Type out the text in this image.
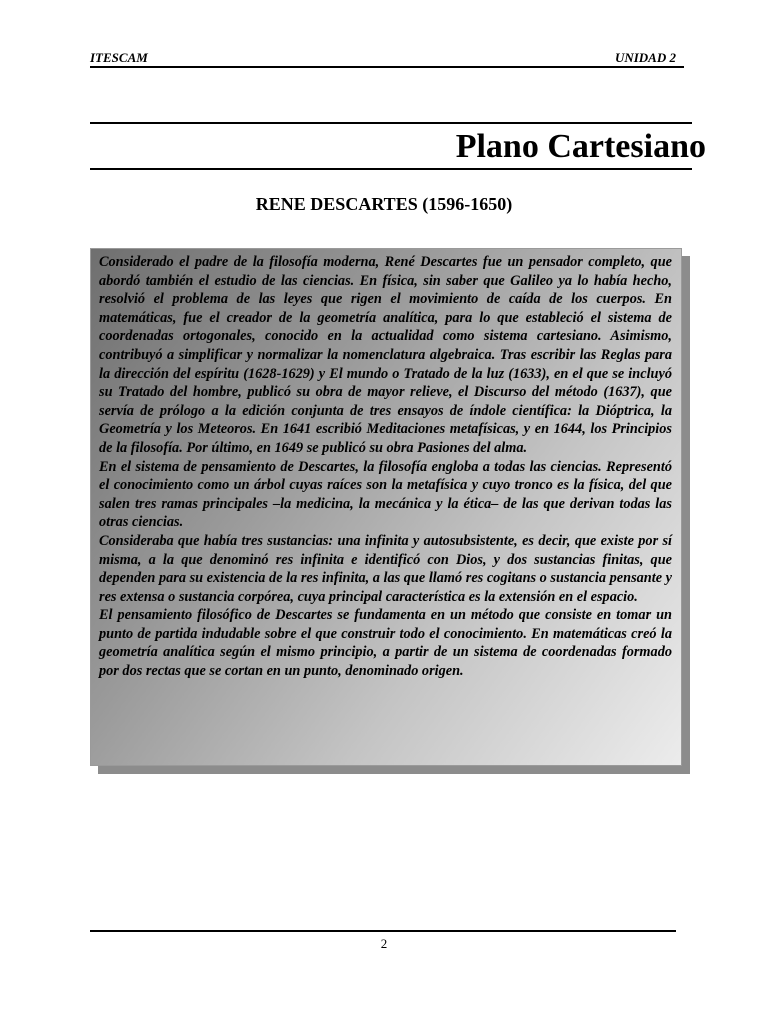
ITESCAM	UNIDAD 2
Plano Cartesiano
RENE DESCARTES (1596-1650)

Considerado el padre de la filosofía moderna, René Descartes fue un pensador completo, que abordó también el estudio de las ciencias. En física, sin saber que Galileo ya lo había hecho, resolvió el problema de las leyes que rigen el movimiento de caída de los cuerpos. En matemáticas, fue el creador de la geometría analítica, para lo que estableció el sistema de coordenadas ortogonales, conocido en la actualidad como sistema cartesiano. Asimismo, contribuyó a simplificar y normalizar la nomenclatura algebraica. Tras escribir las Reglas para la dirección del espíritu (1628-1629) y El mundo o Tratado de la luz (1633), en el que se incluyó su Tratado del hombre, publicó su obra de mayor relieve, el Discurso del método (1637), que servía de prólogo a la edición conjunta de tres ensayos de índole científica: la Dióptrica, la Geometría y los Meteoros. En 1641 escribió Meditaciones metafísicas, y en 1644, los Principios de la filosofía. Por último, en 1649 se publicó su obra Pasiones del alma.

En el sistema de pensamiento de Descartes, la filosofía engloba a todas las ciencias. Representó el conocimiento como un árbol cuyas raíces son la metafísica y cuyo tronco es la física, del que salen tres ramas principales –la medicina, la mecánica y la ética– de las que derivan todas las otras ciencias.

Consideraba que había tres sustancias: una infinita y autosubsistente, es decir, que existe por sí misma, a la que denominó res infinita e identificó con Dios, y dos sustancias finitas, que dependen para su existencia de la res infinita, a las que llamó res cogitans o sustancia pensante y res extensa o sustancia corpórea, cuya principal característica es la extensión en el espacio.

El pensamiento filosófico de Descartes se fundamenta en un método que consiste en tomar un punto de partida indudable sobre el que construir todo el conocimiento. En matemáticas creó la geometría analítica según el mismo principio, a partir de un sistema de coordenadas formado por dos rectas que se cortan en un punto, denominado origen.

2
